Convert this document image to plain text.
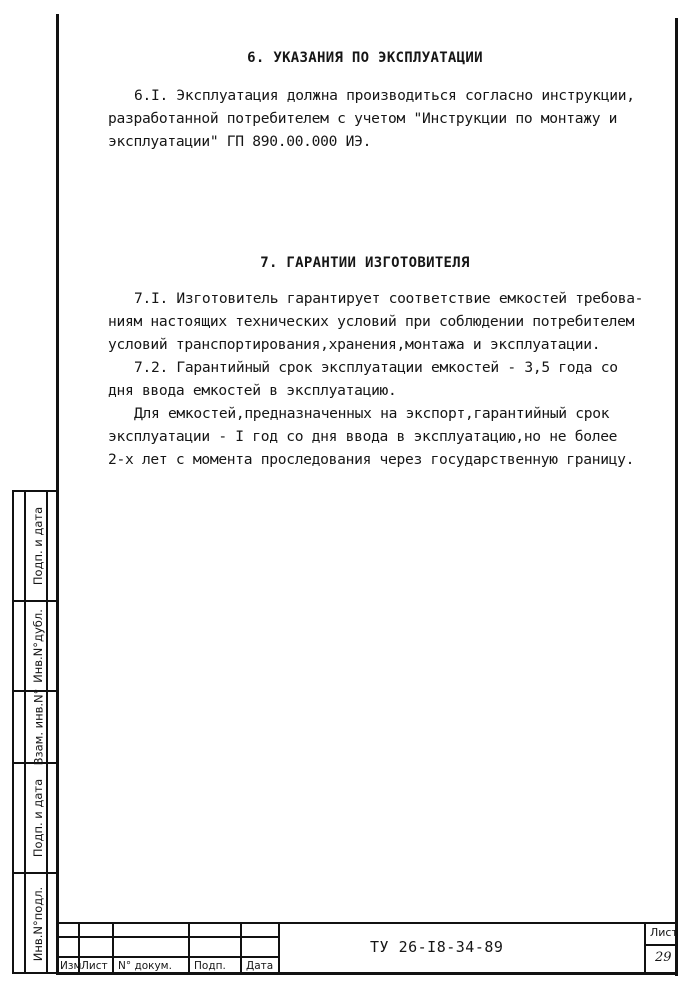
6. УКАЗАНИЯ ПО ЭКСПЛУАТАЦИИ
6.I. Эксплуатация должна производиться согласно инструкции,
разработанной потребителем с учетом "Инструкции по монтажу и
эксплуатации" ГП 890.00.000 ИЭ.
7. ГАРАНТИИ ИЗГОТОВИТЕЛЯ
7.I. Изготовитель гарантирует соответствие емкостей требова-
ниям настоящих технических условий при соблюдении потребителем
условий транспортирования,хранения,монтажа и эксплуатации.
7.2. Гарантийный срок эксплуатации емкостей - 3,5 года со
дня ввода емкостей в эксплуатацию.
Для емкостей,предназначенных на экспорт,гарантийный срок
эксплуатации - I год со дня ввода в эксплуатацию,но не более
2-х лет с момента проследования через государственную границу.
Инв.N°подл.
Подп. и дата
Взам. инв.N°
Инв.N°дубл.
Подп. и дата
Изм Лист N° докум. Подп. Дата
ТУ 26-I8-34-89
Лист
29
